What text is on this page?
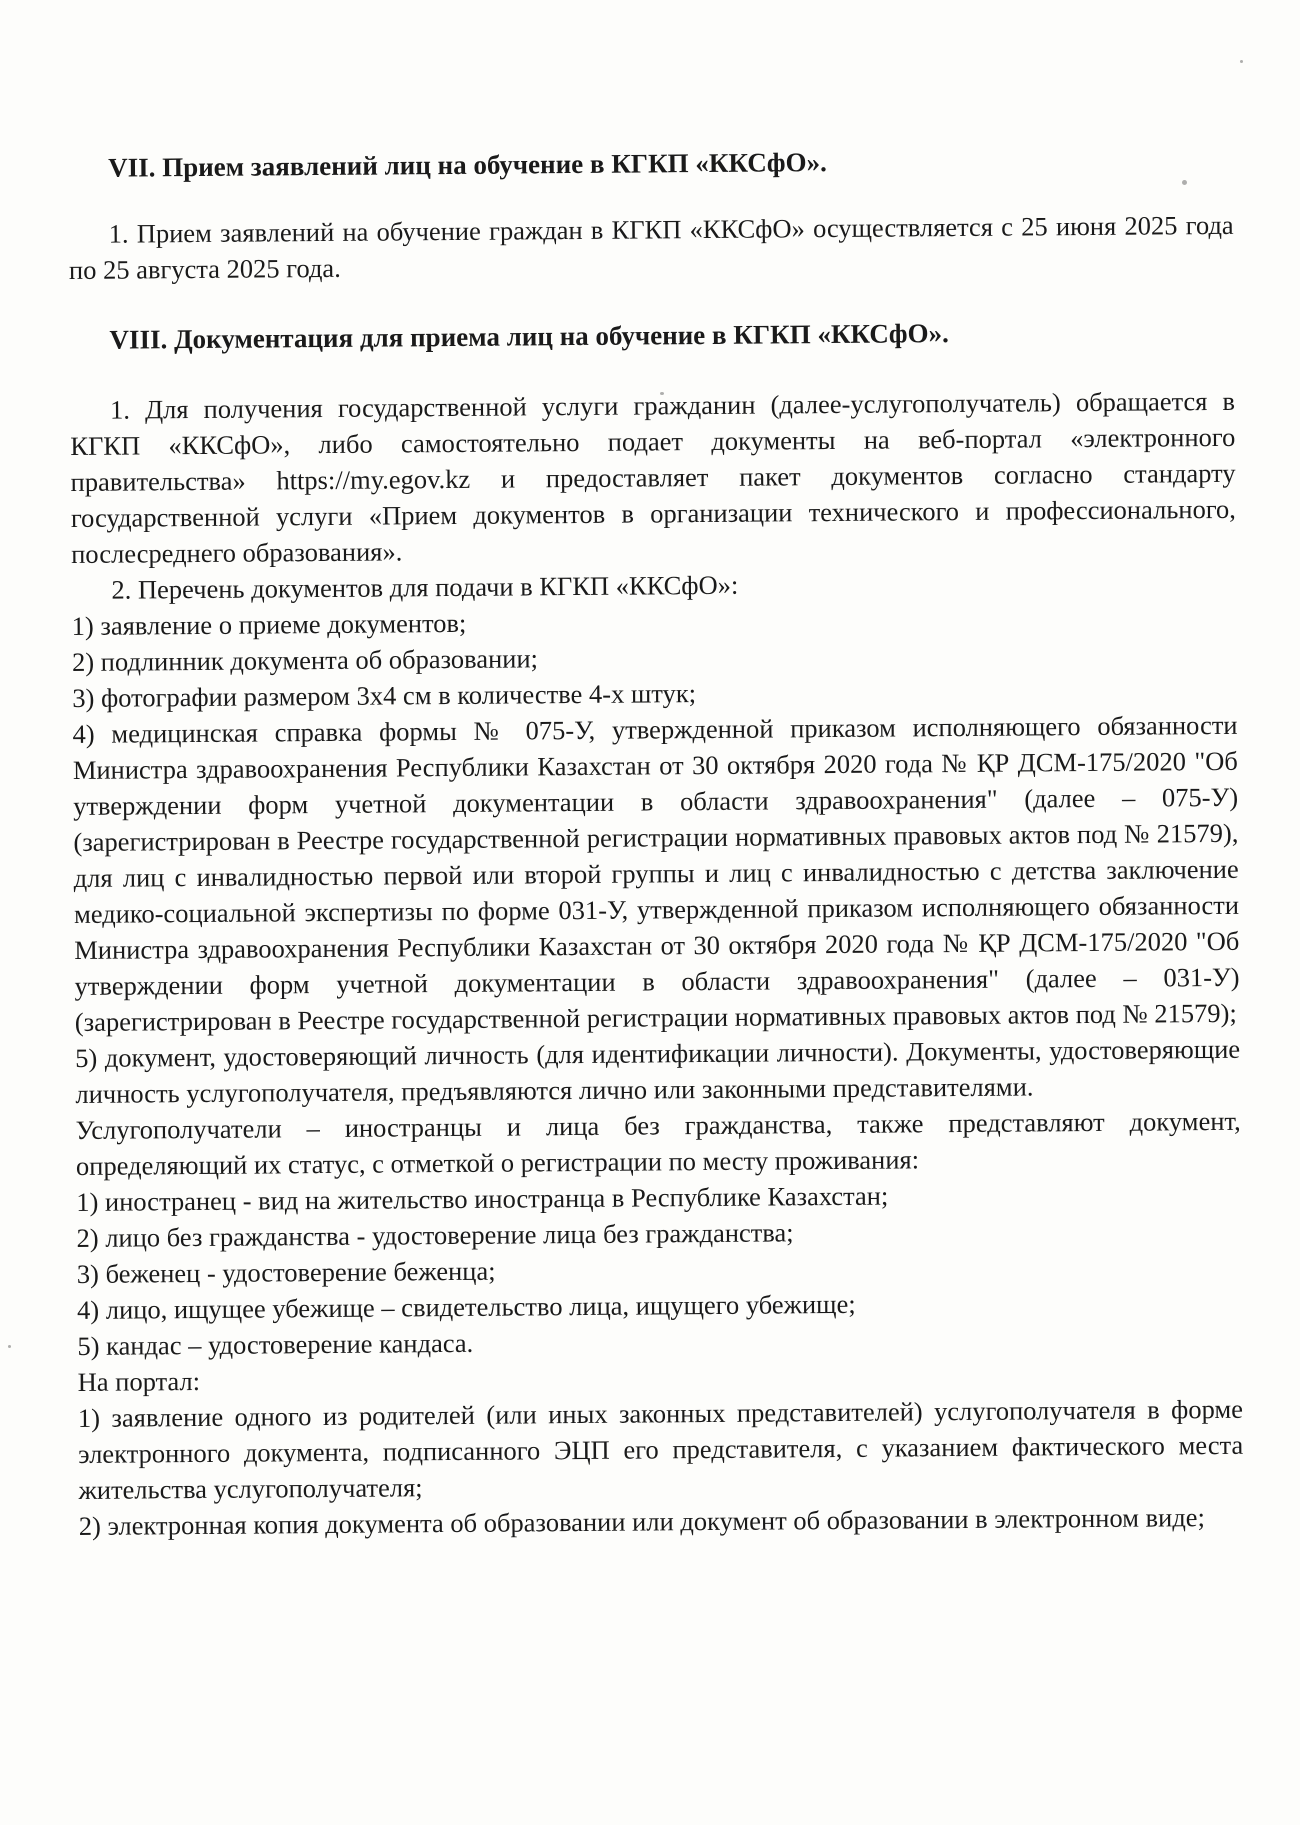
VII. Прием заявлений лиц на обучение в КГКП «ККСфО».

1. Прием заявлений на обучение граждан в КГКП «ККСфО» осуществляется с 25 июня 2025 года по 25 августа 2025 года.

VIII. Документация для приема лиц на обучение в КГКП «ККСфО».

1. Для получения государственной услуги гражданин (далее-услугополучатель) обращается в КГКП «ККСфО», либо самостоятельно подает документы на веб-портал «электронного правительства» https://my.egov.kz и предоставляет пакет документов согласно стандарту государственной услуги «Прием документов в организации технического и профессионального, послесреднего образования».

2. Перечень документов для подачи в КГКП «ККСфО»:

1) заявление о приеме документов;

2) подлинник документа об образовании;

3) фотографии размером 3х4 см в количестве 4-х штук;

4) медицинская справка формы № 075-У, утвержденной приказом исполняющего обязанности Министра здравоохранения Республики Казахстан от 30 октября 2020 года № ҚР ДСМ-175/2020 "Об утверждении форм учетной документации в области здравоохранения" (далее – 075-У) (зарегистрирован в Реестре государственной регистрации нормативных правовых актов под № 21579), для лиц с инвалидностью первой или второй группы и лиц с инвалидностью с детства заключение медико-социальной экспертизы по форме 031-У, утвержденной приказом исполняющего обязанности Министра здравоохранения Республики Казахстан от 30 октября 2020 года № ҚР ДСМ-175/2020 "Об утверждении форм учетной документации в области здравоохранения" (далее – 031-У) (зарегистрирован в Реестре государственной регистрации нормативных правовых актов под № 21579);

5) документ, удостоверяющий личность (для идентификации личности). Документы, удостоверяющие личность услугополучателя, предъявляются лично или законными представителями.

Услугополучатели – иностранцы и лица без гражданства, также представляют документ, определяющий их статус, с отметкой о регистрации по месту проживания:

1) иностранец - вид на жительство иностранца в Республике Казахстан;

2) лицо без гражданства - удостоверение лица без гражданства;

3) беженец - удостоверение беженца;

4) лицо, ищущее убежище – свидетельство лица, ищущего убежище;

5) кандас – удостоверение кандаса.

На портал:

1) заявление одного из родителей (или иных законных представителей) услугополучателя в форме электронного документа, подписанного ЭЦП его представителя, с указанием фактического места жительства услугополучателя;

2) электронная копия документа об образовании или документ об образовании в электронном виде;
